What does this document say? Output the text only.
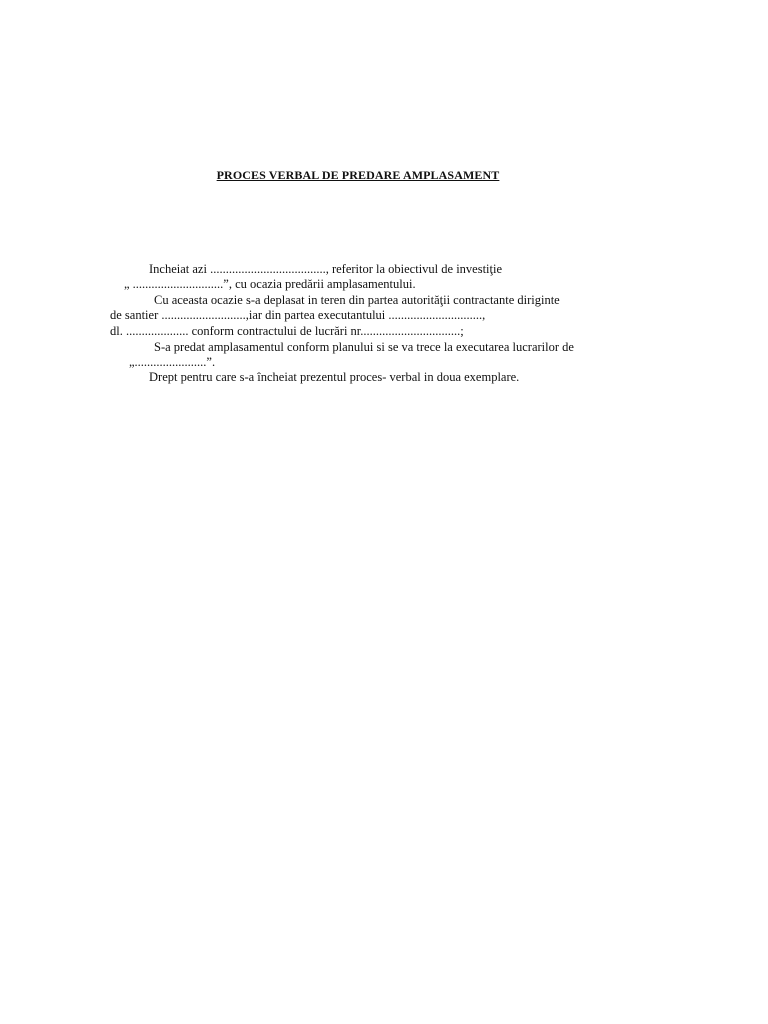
PROCES VERBAL DE PREDARE AMPLASAMENT
Incheiat azi ....................................., referitor la obiectivul de investiţie
„ .............................”, cu ocazia predării amplasamentului.
Cu aceasta ocazie s-a deplasat in teren din partea autorităţii contractante diriginte
de santier ...........................,iar din partea executantului ..............................,
dl. .................... conform contractului de lucrări nr................................;
S-a predat amplasamentul conform planului si se va trece la executarea lucrarilor de
„.......................”.
Drept pentru care s-a încheiat prezentul proces- verbal in doua exemplare.
